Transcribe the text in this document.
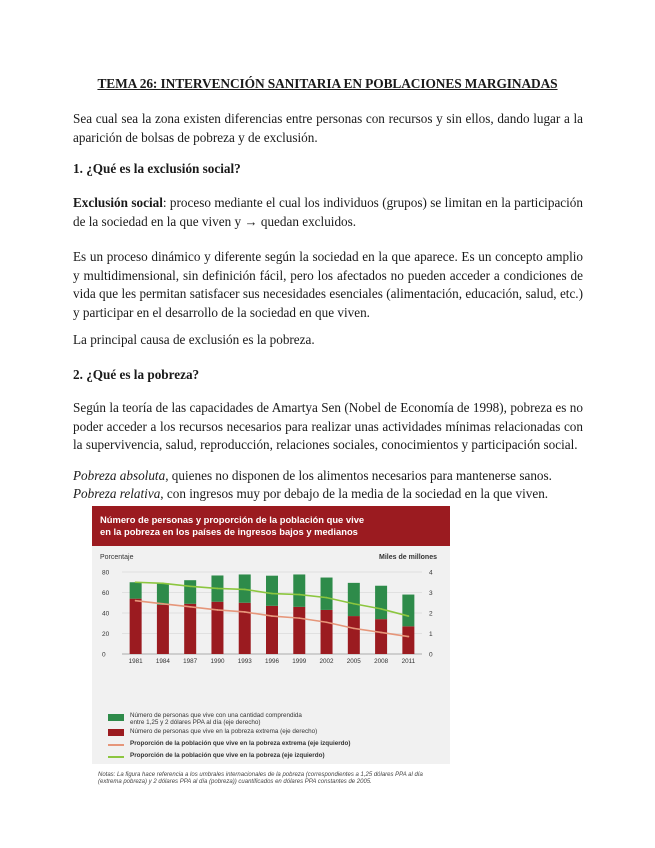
TEMA 26: INTERVENCIÓN SANITARIA EN POBLACIONES MARGINADAS
Sea cual sea la zona existen diferencias entre personas con recursos y sin ellos, dando lugar a la aparición de bolsas de pobreza y de exclusión.
1. ¿Qué es la exclusión social?
Exclusión social: proceso mediante el cual los individuos (grupos) se limitan en la participación de la sociedad en la que viven y → quedan excluidos.
Es un proceso dinámico y diferente según la sociedad en la que aparece. Es un concepto amplio y multidimensional, sin definición fácil, pero los afectados no pueden acceder a condiciones de vida que les permitan satisfacer sus necesidades esenciales (alimentación, educación, salud, etc.) y participar en el desarrollo de la sociedad en que viven.
La principal causa de exclusión es la pobreza.
2. ¿Qué es la pobreza?
Según la teoría de las capacidades de Amartya Sen (Nobel de Economía de 1998), pobreza es no poder acceder a los recursos necesarios para realizar unas actividades mínimas relacionadas con la supervivencia, salud, reproducción, relaciones sociales, conocimientos y participación social.
Pobreza absoluta, quienes no disponen de los alimentos necesarios para mantenerse sanos.
Pobreza relativa, con ingresos muy por debajo de la media de la sociedad en la que viven.
Número de personas y proporción de la población que vive
en la pobreza en los países de ingresos bajos y medianos
Porcentaje	Miles de millones
80
60
40
20
0
4
3
2
1
0
1981 1984 1987 1990 1993 1996 1999 2002 2005 2008 2011
Número de personas que vive con una cantidad comprendida entre 1,25 y 2 dólares PPA al día (eje derecho)
Número de personas que vive en la pobreza extrema (eje derecho)
Proporción de la población que vive en la pobreza extrema (eje izquierdo)
Proporción de la población que vive en la pobreza (eje izquierdo)
Notas: La figura hace referencia a los umbrales internacionales de la pobreza (correspondientes a 1,25 dólares PPA al día (extrema pobreza) y 2 dólares PPA al día (pobreza)) cuantificados en dólares PPA constantes de 2005.
